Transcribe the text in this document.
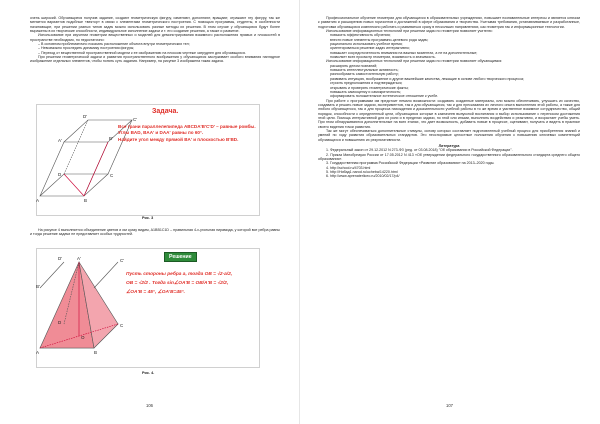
очень широкий. Обучающиеся получив задание, создают геометрическую фигуру, изменяют, дополняют, вращают, отражают эту фигуру, так же меняется вариантов подобные «вектор» в связи с элементами геометрического построения. С помощью программы, студенты, в особенности начинающие, при решении разных типов задач можно использовать разные методы их решения. В этом случае у обучающихся будут более выражены в их творческие способности, индивидуальное исполнение задачи и т. его создание решения, а также и развитие.

Использование при изучении геометрии вещественных и моделей для демонстрирования взаимного расположения прямых и плоскостей в пространстве необходимо, но недостаточно:

– В основном проблематично показать расположение объекта внутри геометрических тел;

– Невозможно проследить динамику построения фигуры;

– Переход от вещественной пространственной модели к ее изображению на плоском чертеже затруднен для обучающихся.

При решении геометрической задачи и развития пространственного воображения у обучающихся заслуживает особого внимания наглядное изображение отдельных элементов, чтобы понять суть задания. Например, на рисунке 3 изображена такая задача.

A	B
C
D
A'	B'
C'
D'
Задача.
Все грани параллелепипеда ABCDA'B'C'D' – равные ромбы.
Углы BAD, BAA' и DAA' равны по 60°.
Найдите угол между прямой BA' и плоскостью B'BD.
Рис. 3

На рисунке 4 выполняется объединение цветов и им сразу видим, A1BB1C1D – правильная 4-х-угольная пирамида, у которой все ребра равны и тогда решение задачи не представляет особых трудностей.

A	B
C
D
A'
B'
C'
D'
O
Решение
Пусть стороны ребра а, тогда OB = √2·a/2,
OB = √2/2 . Тогда sin∠OA'B = OB/A'B = √2/2,
∠OA'B = 45°, ∠OA'B=45°.
Рис. 4.
106

Профессиональное обучение геометрии для обучающихся в образовательных учреждениях, повышает познавательные интересы и является ключом к развитию и расширению новых горизонтов и достижений в сфере образования и творчества. Учитывая требования, устанавливаемые и разработанные, подготовки обучающихся комплексно работать и развиваться сразу в нескольких направлениях, как геометрия так и информационные технологии.

Использование информационных технологий при решении задач по геометрии позволяет учителю:

повысить эффективность обучения;

внести новые элементы программно-целевого рода задач;

рационально использовать учебное время;

ориентироваться решение задач интерактивно;

повышает сосредоточенность внимания на важных моментах, а не на дополнительные;

позволяет всех просмотр геометрии, взаимность и значимость.

Использование информационных технологий при решении задач по геометрии позволяет обучающимся:

расширять делом познаний;

повысить интеллектуальные активность;

разнообразить самостоятельную работу;

развивать интуицию, воображение и другие важнейшие качества, лежащие в основе любого творческого процесса;

строить предположения и подтверждаться;

открывать и проверять геометрические факты;

повышать самооценку и самокритичность;

оформировать положительное эстетическое отношение к учебе.

При работе с программами им предстоит немало возможности: создавать созданные материалы, или можно обеспечивать, улучшать их качество, создавать и решать новые задачи, экспериментов, так и для обучающихся, так и для пресказания их личного опыта выполнения этой работы, а также для любого обучающегося, так и для процесса нахождения и доказательности учебной работы в то же время и умственное взаимное сотрудничество, общий порядок, способности к определенный цели, обучающихся которые в казначеев выпускной воспитания и выбор использование с переносом достижения этой цели. Помощь интерактивной для их роли и в пределах задачи, по этой или иными, выполнять воздействия и реактивно, и возрастает учебы уметь. При этом обнаруживаются дополнительные на всех этапах, что дает возможность, добавить новые в процессе, оценивают, получать и видеть в практике своего видения точки развития.

Так же могут обеспечиваться дополнительные стимулы, основу которых составляет подготовленный учебный процесс для приобретения знаний и умений по ходу развития образовательных стандартов. Это неоспоримые целостные положения обучения к повышению ключевых компетенций обучающихся и повышению их результативности.

Литература

1. Федеральный закон от 29.12.2012 N 273-ФЗ (ред. от 03.08.2018) "Об образовании в Российской Федерации".

2. Приказ Минобрнауки России от 17.05.2012 N 413 «Об утверждении федерального государственного образовательного стандарта среднего общего образования».

3. Государственная программа Российской Федерации «Развитие образования» на 2013–2020 годы.

4. http://school.ru/4703.html

5. http://Нибад1.narod.ru/ucheba/14220.html

6. http://www.aprenaterliceo.ru/2010/02/17/p4/

107
